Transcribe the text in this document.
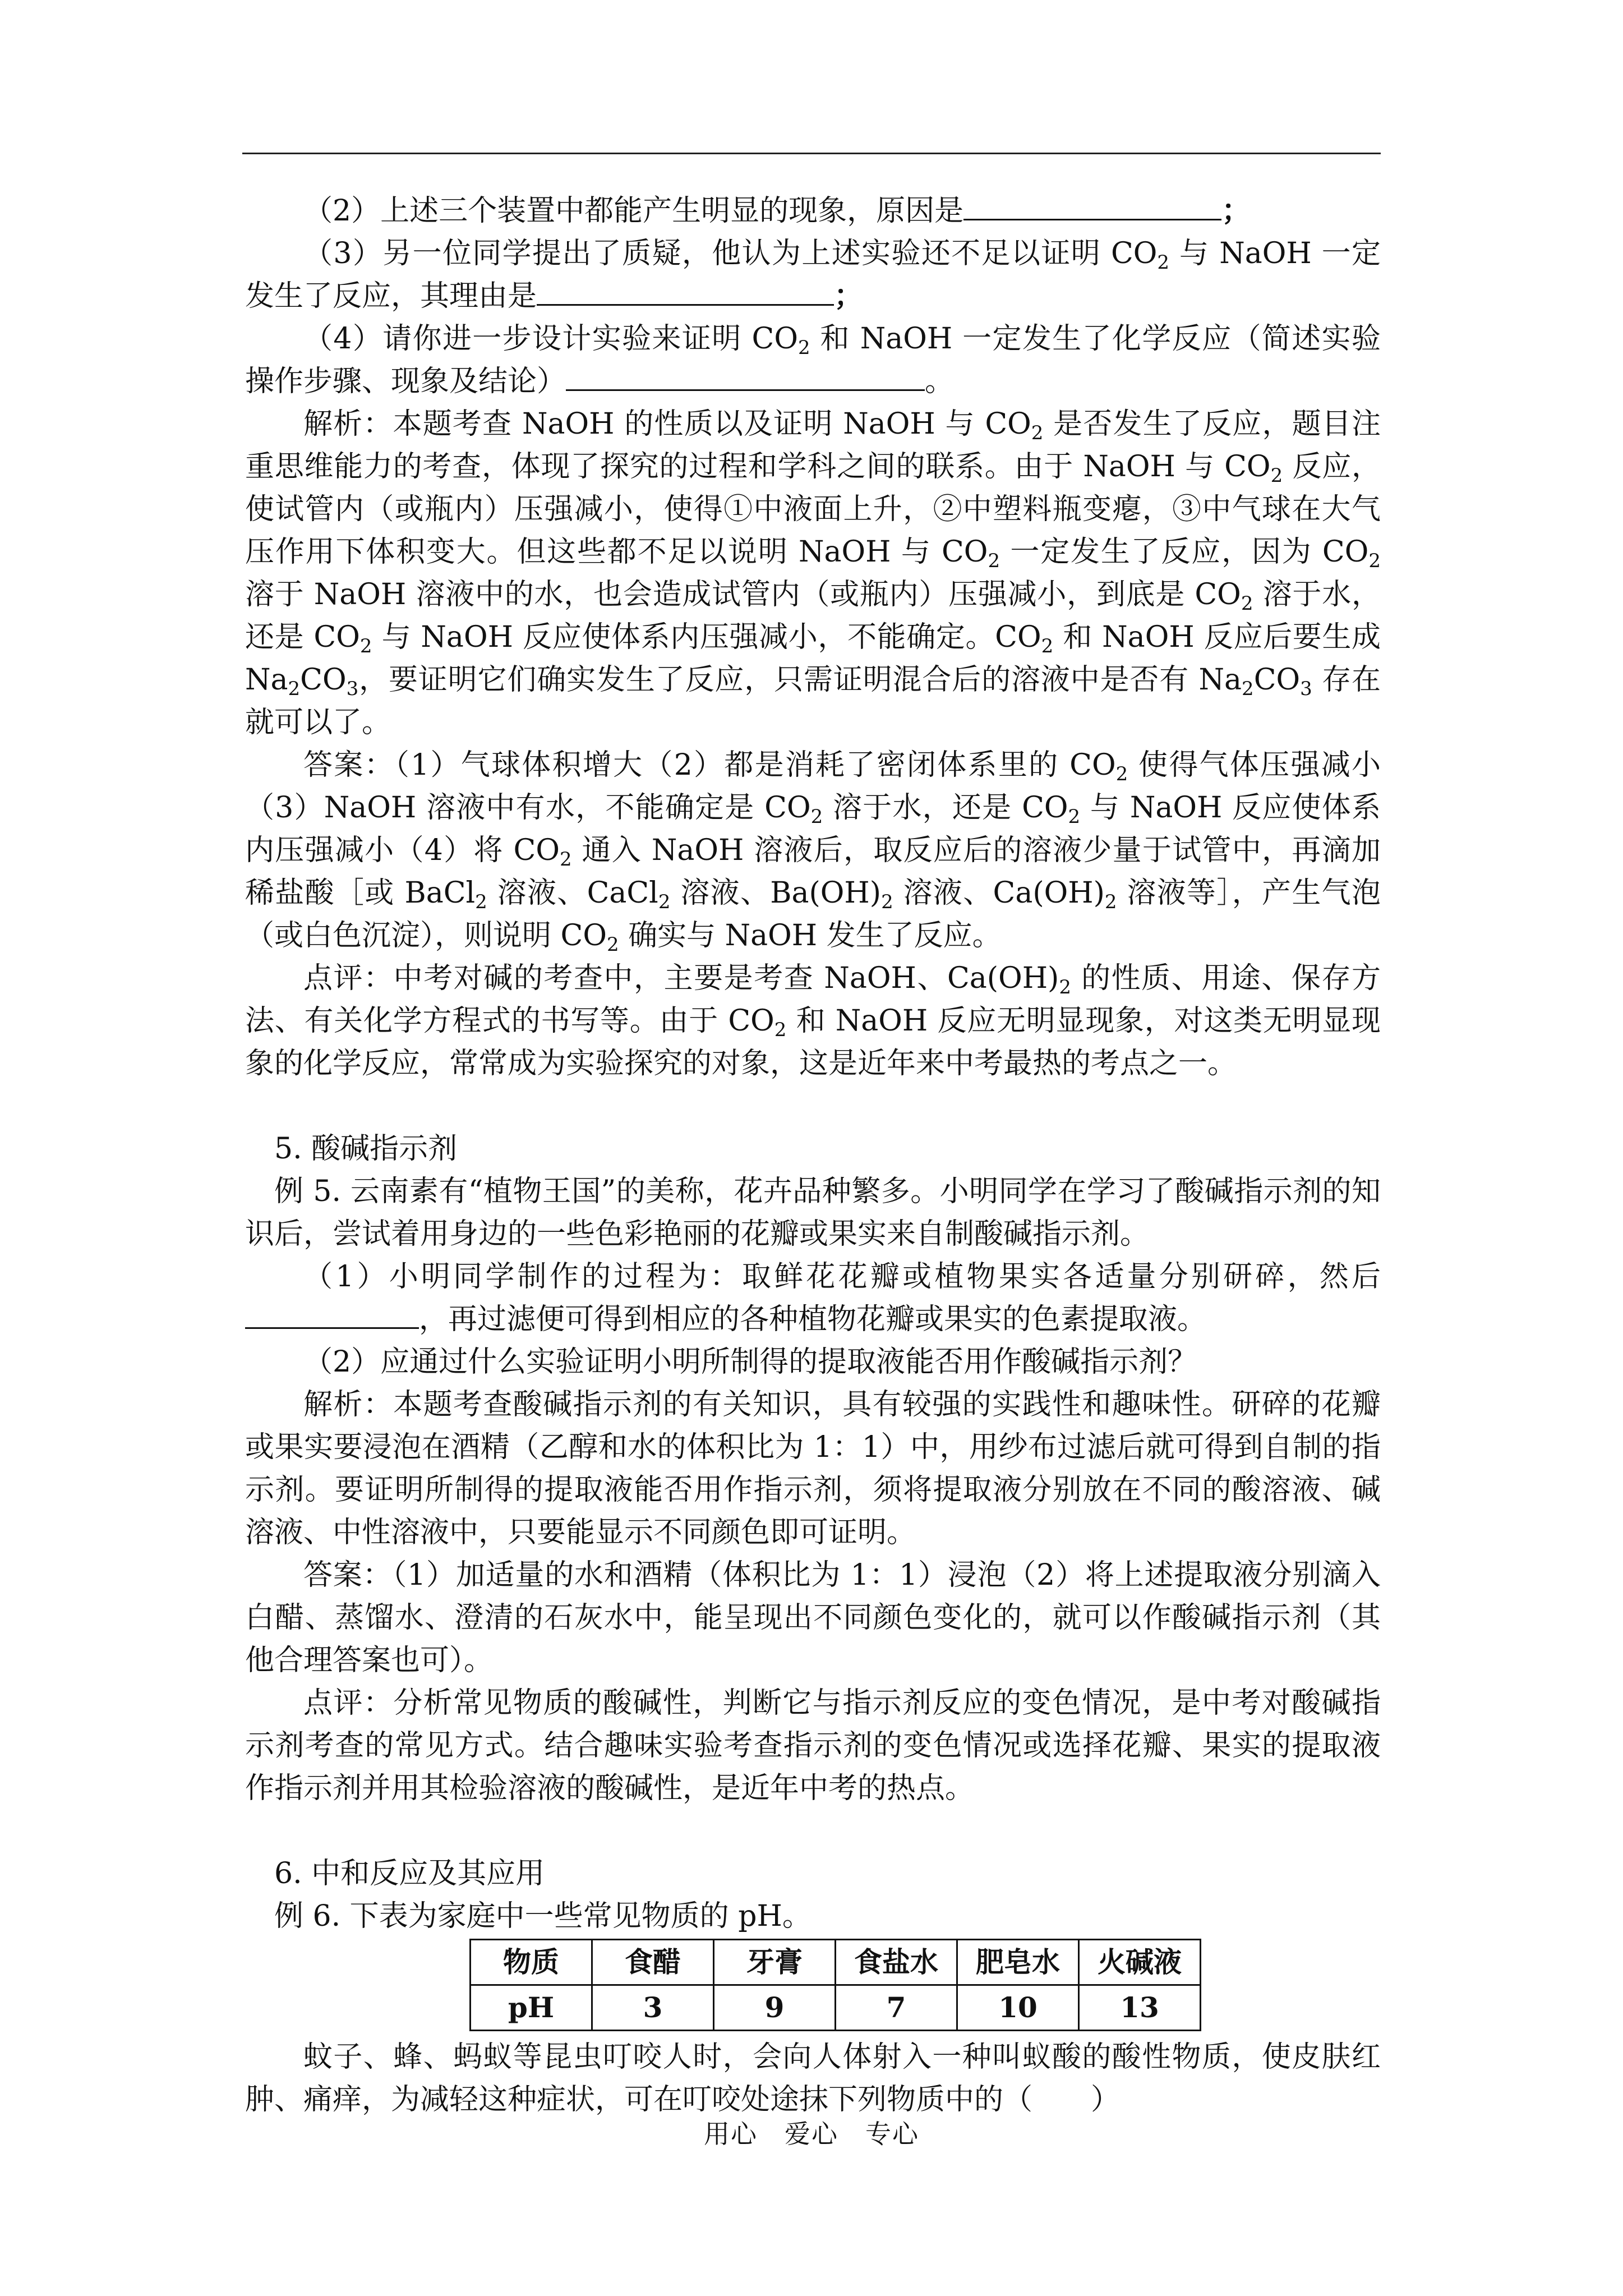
（2）上述三个装置中都能产生明显的现象，原因是	；

（3）另一位同学提出了质疑，他认为上述实验还不足以证明 $CO_2$ 与 NaOH 一定发生了反应，其理由是	；

（4）请你进一步设计实验来证明 $CO_2$ 和 NaOH 一定发生了化学反应（简述实验操作步骤、现象及结论）	。

解析：本题考查 NaOH 的性质以及证明 NaOH 与 $CO_2$ 是否发生了反应，题目注重思维能力的考查，体现了探究的过程和学科之间的联系。由于 NaOH 与 $CO_2$ 反应，使试管内（或瓶内）压强减小，使得①中液面上升，②中塑料瓶变瘪，③中气球在大气压作用下体积变大。但这些都不足以说明 NaOH 与 $CO_2$ 一定发生了反应，因为 $CO_2$ 溶于 NaOH 溶液中的水，也会造成试管内（或瓶内）压强减小，到底是 $CO_2$ 溶于水，还是 $CO_2$ 与 NaOH 反应使体系内压强减小，不能确定。$CO_2$ 和 NaOH 反应后要生成 $Na_2CO_3$，要证明它们确实发生了反应，只需证明混合后的溶液中是否有 $Na_2CO_3$ 存在就可以了。

答案：（1）气球体积增大（2）都是消耗了密闭体系里的 $CO_2$ 使得气体压强减小（3）NaOH 溶液中有水，不能确定是 $CO_2$ 溶于水，还是 $CO_2$ 与 NaOH 反应使体系内压强减小（4）将 $CO_2$ 通入 NaOH 溶液后，取反应后的溶液少量于试管中，再滴加稀盐酸［或 BaCl$_2$ 溶液、CaCl$_2$ 溶液、$Ba(OH)_2$ 溶液、$Ca(OH)_2$ 溶液等］，产生气泡（或白色沉淀），则说明 $CO_2$ 确实与 NaOH 发生了反应。

点评：中考对碱的考查中，主要是考查 NaOH、$Ca(OH)_2$ 的性质、用途、保存方法、有关化学方程式的书写等。由于 $CO_2$ 和 NaOH 反应无明显现象，对这类无明显现象的化学反应，常常成为实验探究的对象，这是近年来中考最热的考点之一。

5. 酸碱指示剂

例 5. 云南素有“植物王国”的美称，花卉品种繁多。小明同学在学习了酸碱指示剂的知识后，尝试着用身边的一些色彩艳丽的花瓣或果实来自制酸碱指示剂。

（1）小明同学制作的过程为：取鲜花花瓣或植物果实各适量分别研碎，然后，再过滤便可得到相应的各种植物花瓣或果实的色素提取液。

（2）应通过什么实验证明小明所制得的提取液能否用作酸碱指示剂？

解析：本题考查酸碱指示剂的有关知识，具有较强的实践性和趣味性。研碎的花瓣或果实要浸泡在酒精（乙醇和水的体积比为 1：1）中，用纱布过滤后就可得到自制的指示剂。要证明所制得的提取液能否用作指示剂，须将提取液分别放在不同的酸溶液、碱溶液、中性溶液中，只要能显示不同颜色即可证明。

答案：（1）加适量的水和酒精（体积比为 1：1）浸泡（2）将上述提取液分别滴入白醋、蒸馏水、澄清的石灰水中，能呈现出不同颜色变化的，就可以作酸碱指示剂（其他合理答案也可）。

点评：分析常见物质的酸碱性，判断它与指示剂反应的变色情况，是中考对酸碱指示剂考查的常见方式。结合趣味实验考查指示剂的变色情况或选择花瓣、果实的提取液作指示剂并用其检验溶液的酸碱性，是近年中考的热点。

6. 中和反应及其应用

例 6. 下表为家庭中一些常见物质的 pH。

物质	食醋	牙膏	食盐水	肥皂水	火碱液
pH	3	9	7	10	13

蚊子、蜂、蚂蚁等昆虫叮咬人时，会向人体射入一种叫蚁酸的酸性物质，使皮肤红肿、痛痒，为减轻这种症状，可在叮咬处途抹下列物质中的（　　）

用心　爱心　专心
